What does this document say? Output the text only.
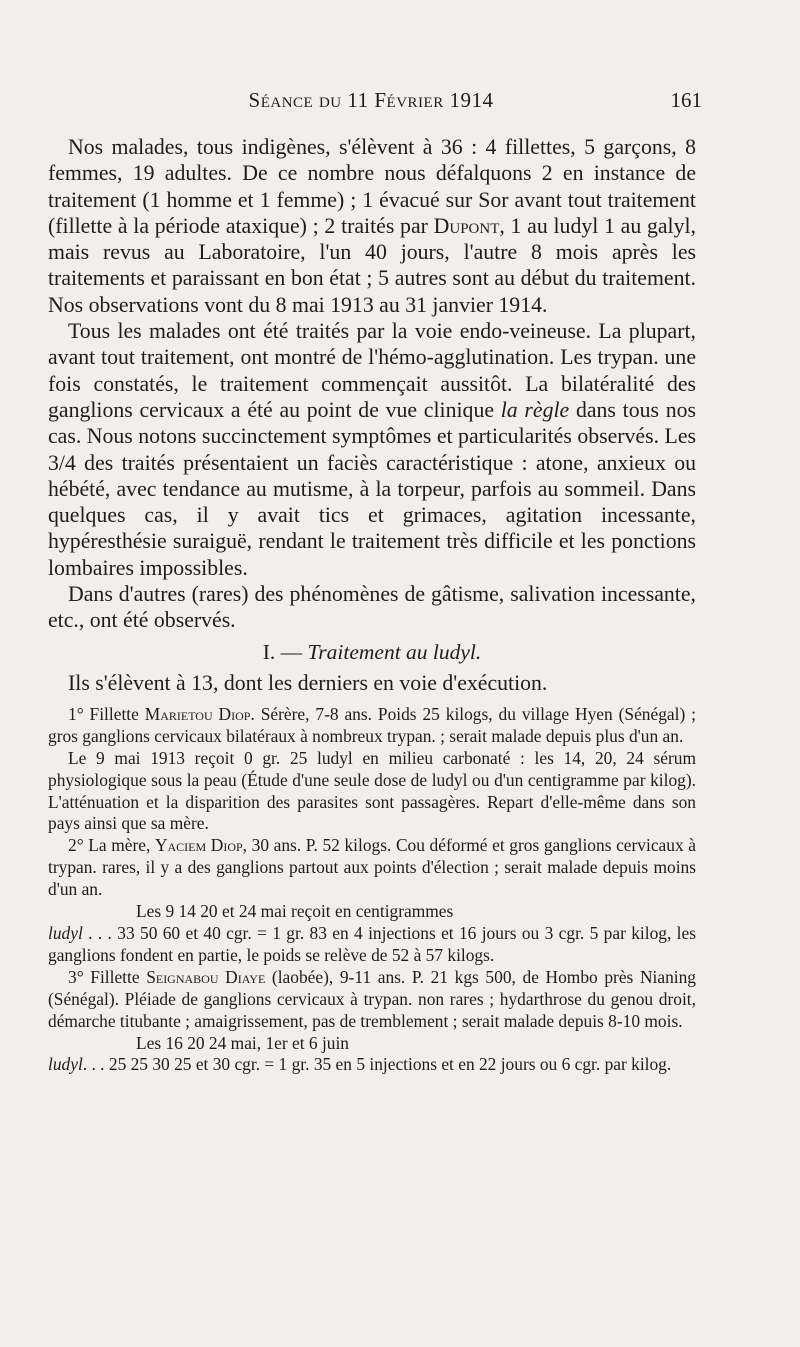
Séance du 11 Février 1914	161

Nos malades, tous indigènes, s'élèvent à 36 : 4 fillettes, 5 garçons, 8 femmes, 19 adultes. De ce nombre nous défalquons 2 en instance de traitement (1 homme et 1 femme) ; 1 évacué sur Sor avant tout traitement (fillette à la période ataxique) ; 2 traités par Dupont, 1 au ludyl 1 au galyl, mais revus au Laboratoire, l'un 40 jours, l'autre 8 mois après les traitements et paraissant en bon état ; 5 autres sont au début du traitement. Nos observations vont du 8 mai 1913 au 31 janvier 1914.

Tous les malades ont été traités par la voie endo-veineuse. La plupart, avant tout traitement, ont montré de l'hémo-agglutination. Les trypan. une fois constatés, le traitement commençait aussitôt. La bilatéralité des ganglions cervicaux a été au point de vue clinique la règle dans tous nos cas. Nous notons succinctement symptômes et particularités observés. Les 3/4 des traités présentaient un faciès caractéristique : atone, anxieux ou hébété, avec tendance au mutisme, à la torpeur, parfois au sommeil. Dans quelques cas, il y avait tics et grimaces, agitation incessante, hypéresthésie suraiguë, rendant le traitement très difficile et les ponctions lombaires impossibles.

Dans d'autres (rares) des phénomènes de gâtisme, salivation incessante, etc., ont été observés.

I. — Traitement au ludyl.

Ils s'élèvent à 13, dont les derniers en voie d'exécution.

1° Fillette Marietou Diop. Sérère, 7-8 ans. Poids 25 kilogs, du village Hyen (Sénégal) ; gros ganglions cervicaux bilatéraux à nombreux trypan. ; serait malade depuis plus d'un an.

Le 9 mai 1913 reçoit 0 gr. 25 ludyl en milieu carbonaté : les 14, 20, 24 sérum physiologique sous la peau (Étude d'une seule dose de ludyl ou d'un centigramme par kilog). L'atténuation et la disparition des parasites sont passagères. Repart d'elle-même dans son pays ainsi que sa mère.

2° La mère, Yaciem Diop, 30 ans. P. 52 kilogs. Cou déformé et gros ganglions cervicaux à trypan. rares, il y a des ganglions partout aux points d'élection ; serait malade depuis moins d'un an.

Les 9 14 20 et 24 mai reçoit en centigrammes
ludyl . . . 33 50 60 et 40 cgr. = 1 gr. 83 en 4 injections et 16 jours ou 3 cgr. 5 par kilog, les ganglions fondent en partie, le poids se relève de 52 à 57 kilogs.

3° Fillette Seignabou Diaye (laobée), 9-11 ans. P. 21 kgs 500, de Hombo près Nianing (Sénégal). Pléiade de ganglions cervicaux à trypan. non rares ; hydarthrose du genou droit, démarche titubante ; amaigrissement, pas de tremblement ; serait malade depuis 8-10 mois.

Les 16 20 24 mai, 1er et 6 juin
ludyl. . . 25 25 30 25 et 30 cgr. = 1 gr. 35 en 5 injections et en 22 jours ou 6 cgr. par kilog.
